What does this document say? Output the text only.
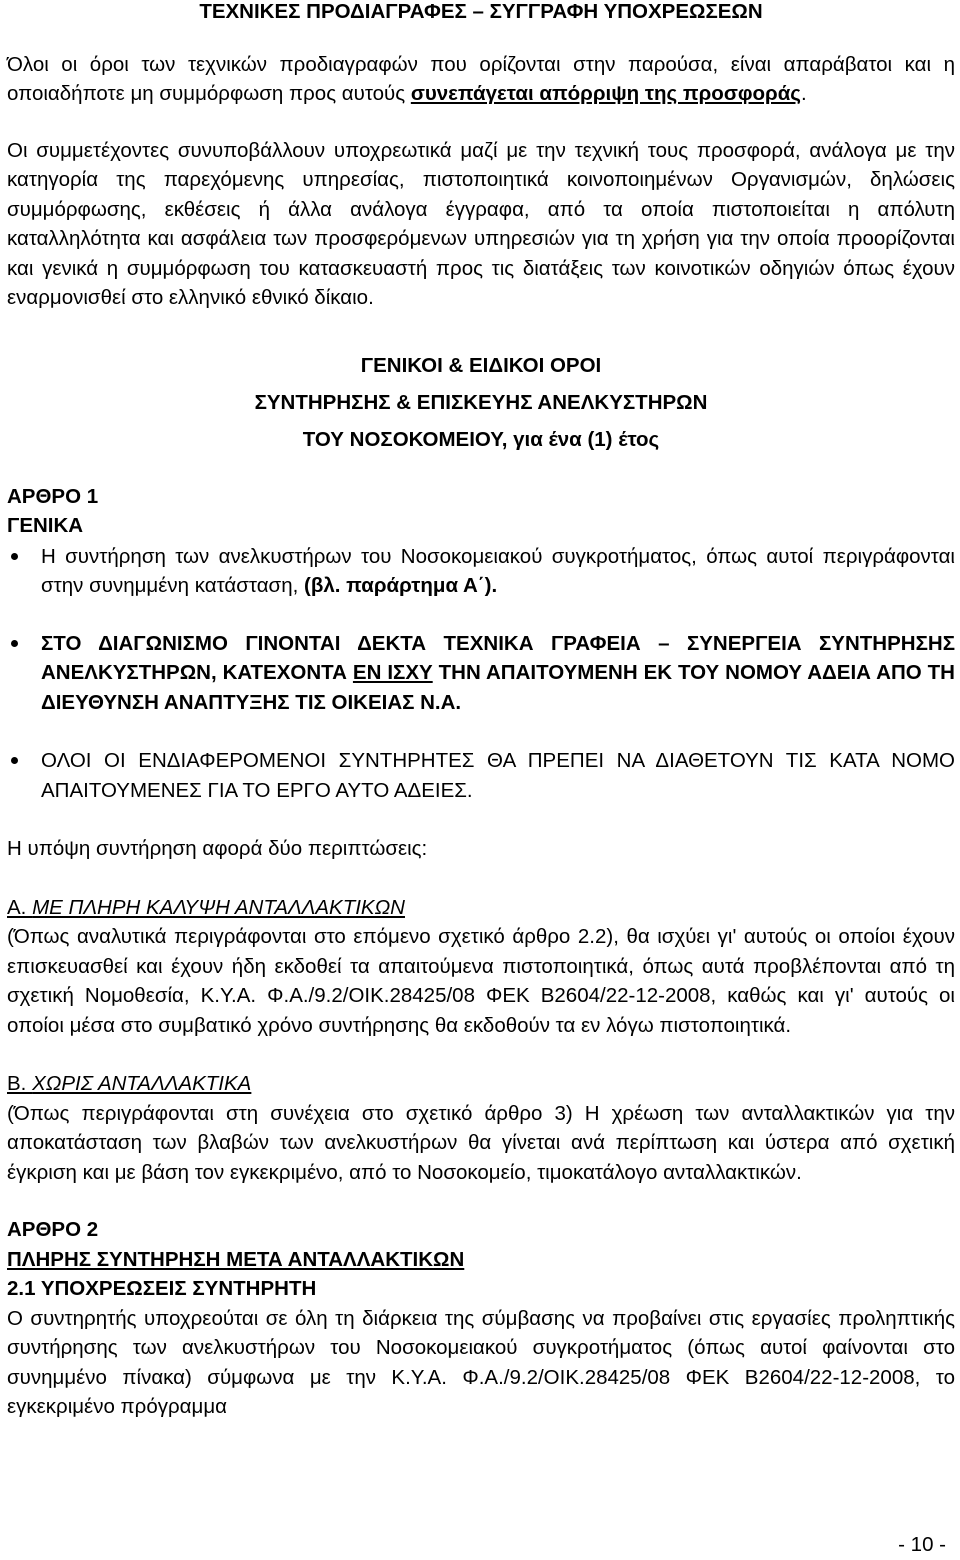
ΤΕΧΝΙΚΕΣ ΠΡΟΔΙΑΓΡΑΦΕΣ – ΣΥΓΓΡΑΦΗ ΥΠΟΧΡΕΩΣΕΩΝ

Όλοι οι όροι των τεχνικών προδιαγραφών που ορίζονται στην παρούσα, είναι απαράβατοι και η οποιαδήποτε μη συμμόρφωση προς αυτούς συνεπάγεται απόρριψη της προσφοράς.

Οι συμμετέχοντες συνυποβάλλουν υποχρεωτικά μαζί με την τεχνική τους προσφορά, ανάλογα με την κατηγορία της παρεχόμενης υπηρεσίας, πιστοποιητικά κοινοποιημένων Οργανισμών, δηλώσεις συμμόρφωσης, εκθέσεις ή άλλα ανάλογα έγγραφα, από τα οποία πιστοποιείται η απόλυτη καταλληλότητα και ασφάλεια των προσφερόμενων υπηρεσιών για τη χρήση για την οποία προορίζονται και γενικά η συμμόρφωση του κατασκευαστή προς τις διατάξεις των κοινοτικών οδηγιών όπως έχουν εναρμονισθεί στο ελληνικό εθνικό δίκαιο.

ΓΕΝΙΚΟΙ & ΕΙΔΙΚΟΙ ΟΡΟΙ

ΣΥΝΤΗΡΗΣΗΣ & ΕΠΙΣΚΕΥΗΣ ΑΝΕΛΚΥΣΤΗΡΩΝ

ΤΟΥ ΝΟΣΟΚΟΜΕΙΟΥ, για ένα (1) έτος

ΑΡΘΡΟ 1

ΓΕΝΙΚΑ

Η συντήρηση των ανελκυστήρων του Νοσοκομειακού συγκροτήματος, όπως αυτοί περιγράφονται στην συνημμένη κατάσταση, (βλ. παράρτημα Α΄).

ΣΤΟ ΔΙΑΓΩΝΙΣΜΟ ΓΙΝΟΝΤΑΙ ΔΕΚΤΑ ΤΕΧΝΙΚΑ ΓΡΑΦΕΙΑ – ΣΥΝΕΡΓΕΙΑ ΣΥΝΤΗΡΗΣΗΣ ΑΝΕΛΚΥΣΤΗΡΩΝ, ΚΑΤΕΧΟΝΤΑ ΕΝ ΙΣΧΥ ΤΗΝ ΑΠΑΙΤΟΥΜΕΝΗ ΕΚ ΤΟΥ ΝΟΜΟΥ ΑΔΕΙΑ ΑΠΟ ΤΗ ΔΙΕΥΘΥΝΣΗ ΑΝΑΠΤΥΞΗΣ ΤΙΣ ΟΙΚΕΙΑΣ Ν.Α.

ΟΛΟΙ ΟΙ ΕΝΔΙΑΦΕΡΟΜΕΝΟΙ ΣΥΝΤΗΡΗΤΕΣ ΘΑ ΠΡΕΠΕΙ ΝΑ ΔΙΑΘΕΤΟΥΝ ΤΙΣ ΚΑΤΑ ΝΟΜΟ ΑΠΑΙΤΟΥΜΕΝΕΣ ΓΙΑ ΤΟ ΕΡΓΟ ΑΥΤΟ ΑΔΕΙΕΣ.

Η υπόψη συντήρηση αφορά δύο περιπτώσεις:

Α. ΜΕ ΠΛΗΡΗ ΚΑΛΥΨΗ ΑΝΤΑΛΛΑΚΤΙΚΩΝ

(Όπως αναλυτικά περιγράφονται στο επόμενο σχετικό άρθρο 2.2), θα ισχύει γι' αυτούς οι οποίοι έχουν επισκευασθεί και έχουν ήδη εκδοθεί τα απαιτούμενα πιστοποιητικά, όπως αυτά προβλέπονται από τη σχετική Νομοθεσία, Κ.Υ.Α. Φ.Α./9.2/ΟΙΚ.28425/08 ΦΕΚ Β2604/22-12-2008, καθώς και γι' αυτούς οι οποίοι μέσα στο συμβατικό χρόνο συντήρησης θα εκδοθούν τα εν λόγω πιστοποιητικά.

Β. ΧΩΡΙΣ ΑΝΤΑΛΛΑΚΤΙΚΑ

(Όπως περιγράφονται στη συνέχεια στο σχετικό άρθρο 3) Η χρέωση των ανταλλακτικών για την αποκατάσταση των βλαβών των ανελκυστήρων θα γίνεται ανά περίπτωση και ύστερα από σχετική έγκριση και με βάση τον εγκεκριμένο, από το Νοσοκομείο, τιμοκατάλογο ανταλλακτικών.

ΑΡΘΡΟ 2

ΠΛΗΡΗΣ ΣΥΝΤΗΡΗΣΗ ΜΕΤΑ ΑΝΤΑΛΛΑΚΤΙΚΩΝ

2.1 ΥΠΟΧΡΕΩΣΕΙΣ ΣΥΝΤΗΡΗΤΗ

Ο συντηρητής υποχρεούται σε όλη τη διάρκεια της σύμβασης να προβαίνει στις εργασίες προληπτικής συντήρησης των ανελκυστήρων του Νοσοκομειακού συγκροτήματος (όπως αυτοί φαίνονται στο συνημμένο πίνακα) σύμφωνα με την Κ.Υ.Α. Φ.Α./9.2/ΟΙΚ.28425/08 ΦΕΚ Β2604/22-12-2008, το εγκεκριμένο πρόγραμμα

- 10 -
